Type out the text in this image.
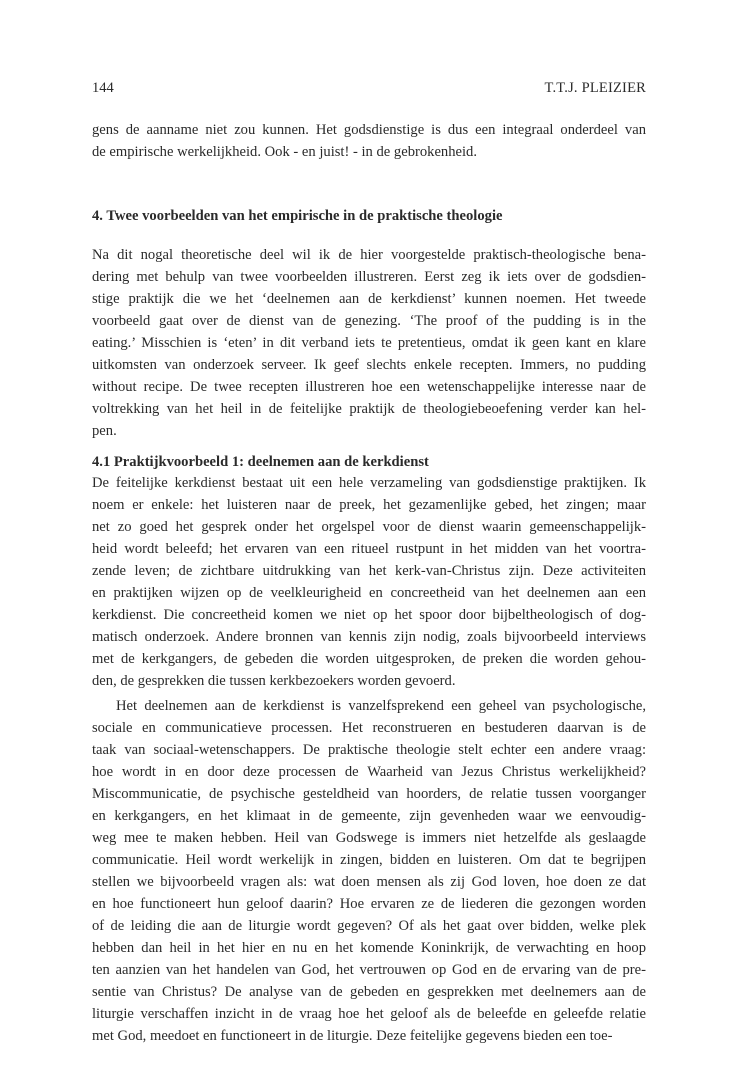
144	T.T.J. PLEIZIER
gens de aanname niet zou kunnen. Het godsdienstige is dus een integraal onderdeel van
de empirische werkelijkheid. Ook - en juist! - in de gebrokenheid.
4. Twee voorbeelden van het empirische in de praktische theologie
Na dit nogal theoretische deel wil ik de hier voorgestelde praktisch-theologische bena-
dering met behulp van twee voorbeelden illustreren. Eerst zeg ik iets over de godsdien-
stige praktijk die we het ‘deelnemen aan de kerkdienst’ kunnen noemen. Het tweede
voorbeeld gaat over de dienst van de genezing. ‘The proof of the pudding is in the
eating.’ Misschien is ‘eten’ in dit verband iets te pretentieus, omdat ik geen kant en klare
uitkomsten van onderzoek serveer. Ik geef slechts enkele recepten. Immers, no pudding
without recipe. De twee recepten illustreren hoe een wetenschappelijke interesse naar de
voltrekking van het heil in de feitelijke praktijk de theologiebeoefening verder kan hel-
pen.
4.1 Praktijkvoorbeeld 1: deelnemen aan de kerkdienst
De feitelijke kerkdienst bestaat uit een hele verzameling van godsdienstige praktijken. Ik
noem er enkele: het luisteren naar de preek, het gezamenlijke gebed, het zingen; maar
net zo goed het gesprek onder het orgelspel voor de dienst waarin gemeenschappelijk-
heid wordt beleefd; het ervaren van een ritueel rustpunt in het midden van het voortra-
zende leven; de zichtbare uitdrukking van het kerk-van-Christus zijn. Deze activiteiten
en praktijken wijzen op de veelkleurigheid en concreetheid van het deelnemen aan een
kerkdienst. Die concreetheid komen we niet op het spoor door bijbeltheologisch of dog-
matisch onderzoek. Andere bronnen van kennis zijn nodig, zoals bijvoorbeeld interviews
met de kerkgangers, de gebeden die worden uitgesproken, de preken die worden gehou-
den, de gesprekken die tussen kerkbezoekers worden gevoerd.
Het deelnemen aan de kerkdienst is vanzelfsprekend een geheel van psychologische,
sociale en communicatieve processen. Het reconstrueren en bestuderen daarvan is de
taak van sociaal-wetenschappers. De praktische theologie stelt echter een andere vraag:
hoe wordt in en door deze processen de Waarheid van Jezus Christus werkelijkheid?
Miscommunicatie, de psychische gesteldheid van hoorders, de relatie tussen voorganger
en kerkgangers, en het klimaat in de gemeente, zijn gevenheden waar we eenvoudig-
weg mee te maken hebben. Heil van Godswege is immers niet hetzelfde als geslaagde
communicatie. Heil wordt werkelijk in zingen, bidden en luisteren. Om dat te begrijpen
stellen we bijvoorbeeld vragen als: wat doen mensen als zij God loven, hoe doen ze dat
en hoe functioneert hun geloof daarin? Hoe ervaren ze de liederen die gezongen worden
of de leiding die aan de liturgie wordt gegeven? Of als het gaat over bidden, welke plek
hebben dan heil in het hier en nu en het komende Koninkrijk, de verwachting en hoop
ten aanzien van het handelen van God, het vertrouwen op God en de ervaring van de pre-
sentie van Christus? De analyse van de gebeden en gesprekken met deelnemers aan de
liturgie verschaffen inzicht in de vraag hoe het geloof als de beleefde en geleefde relatie
met God, meedoet en functioneert in de liturgie. Deze feitelijke gegevens bieden een toe-
